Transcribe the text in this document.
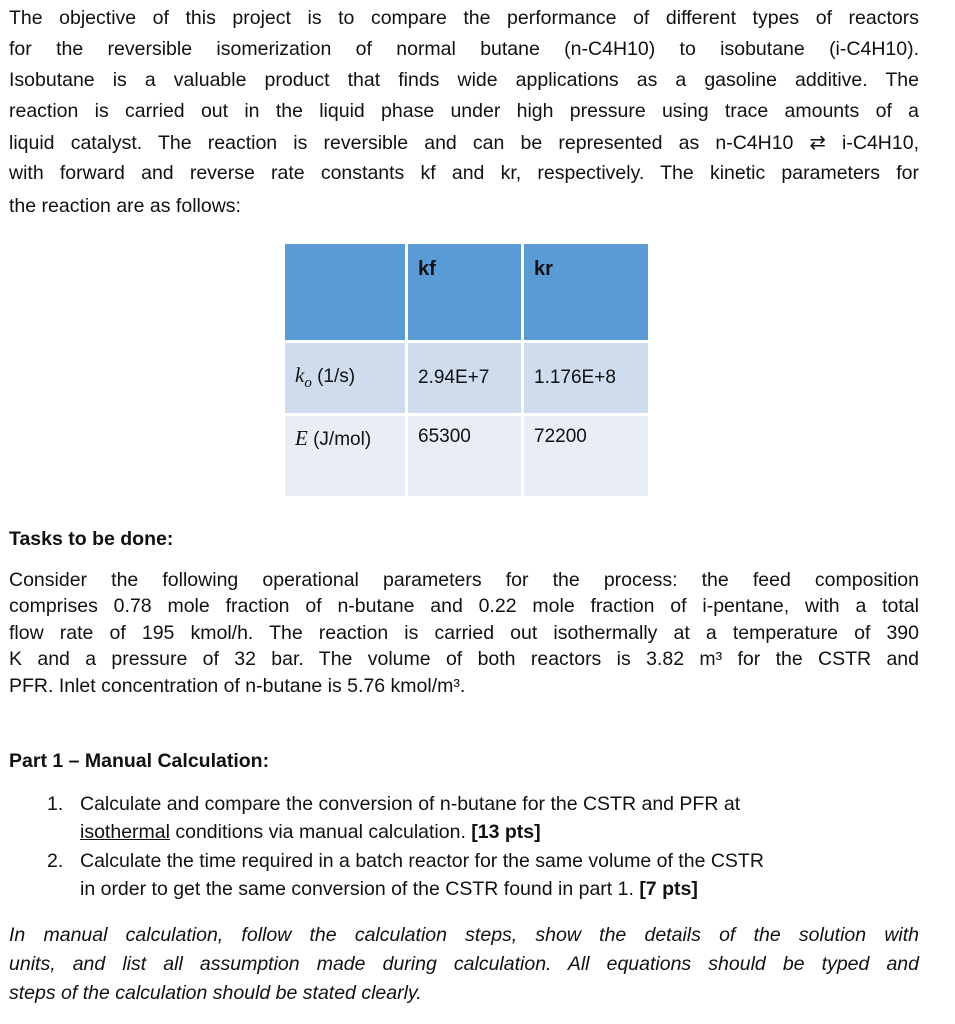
The objective of this project is to compare the performance of different types of reactors
for the reversible isomerization of normal butane (n-C4H10) to isobutane (i-C4H10).
Isobutane is a valuable product that finds wide applications as a gasoline additive. The
reaction is carried out in the liquid phase under high pressure using trace amounts of a
liquid catalyst. The reaction is reversible and can be represented as n-C4H10 ⇄ i-C4H10,
with forward and reverse rate constants kf and kr, respectively. The kinetic parameters for
the reaction are as follows:
	kf	kr
$k_o$ (1/s)	2.94E+7	1.176E+8
E (J/mol)	65300	72200
Tasks to be done:
Consider the following operational parameters for the process: the feed composition
comprises 0.78 mole fraction of n-butane and 0.22 mole fraction of i-pentane, with a total
flow rate of 195 kmol/h. The reaction is carried out isothermally at a temperature of 390
K and a pressure of 32 bar. The volume of both reactors is 3.82 m³ for the CSTR and
PFR. Inlet concentration of n-butane is 5.76 kmol/m³.
Part 1 – Manual Calculation:
1. Calculate and compare the conversion of n-butane for the CSTR and PFR at
isothermal conditions via manual calculation. [13 pts]
2. Calculate the time required in a batch reactor for the same volume of the CSTR
in order to get the same conversion of the CSTR found in part 1. [7 pts]
In manual calculation, follow the calculation steps, show the details of the solution with
units, and list all assumption made during calculation. All equations should be typed and
steps of the calculation should be stated clearly.
